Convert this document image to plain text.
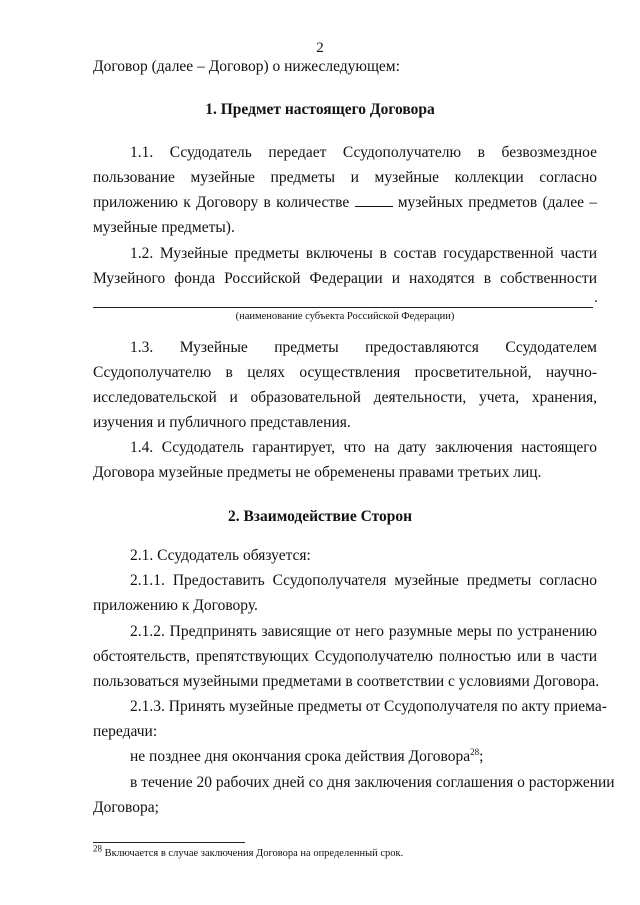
2
Договор (далее – Договор) о нижеследующем:
1. Предмет настоящего Договора
1.1. Ссудодатель передает Ссудополучателю в безвозмездное
пользование музейные предметы и музейные коллекции согласно
приложению к Договору в количестве	музейных предметов (далее –
музейные предметы).
1.2. Музейные предметы включены в состав государственной части
Музейного фонда Российской Федерации и находятся в собственности
.
(наименование субъекта Российской Федерации)
1.3. Музейные предметы предоставляются Ссудодателем
Ссудополучателю в целях осуществления просветительной, научно-
исследовательской и образовательной деятельности, учета, хранения,
изучения и публичного представления.
1.4. Ссудодатель гарантирует, что на дату заключения настоящего
Договора музейные предметы не обременены правами третьих лиц.
2. Взаимодействие Сторон
2.1. Ссудодатель обязуется:
2.1.1. Предоставить Ссудополучателя музейные предметы согласно
приложению к Договору.
2.1.2. Предпринять зависящие от него разумные меры по устранению
обстоятельств, препятствующих Ссудополучателю полностью или в части
пользоваться музейными предметами в соответствии с условиями Договора.
2.1.3. Принять музейные предметы от Ссудополучателя по акту приема-
передачи:
не позднее дня окончания срока действия Договора$^{28}$;
в течение 20 рабочих дней со дня заключения соглашения о расторжении
Договора;
$^{28}$ Включается в случае заключения Договора на определенный срок.
